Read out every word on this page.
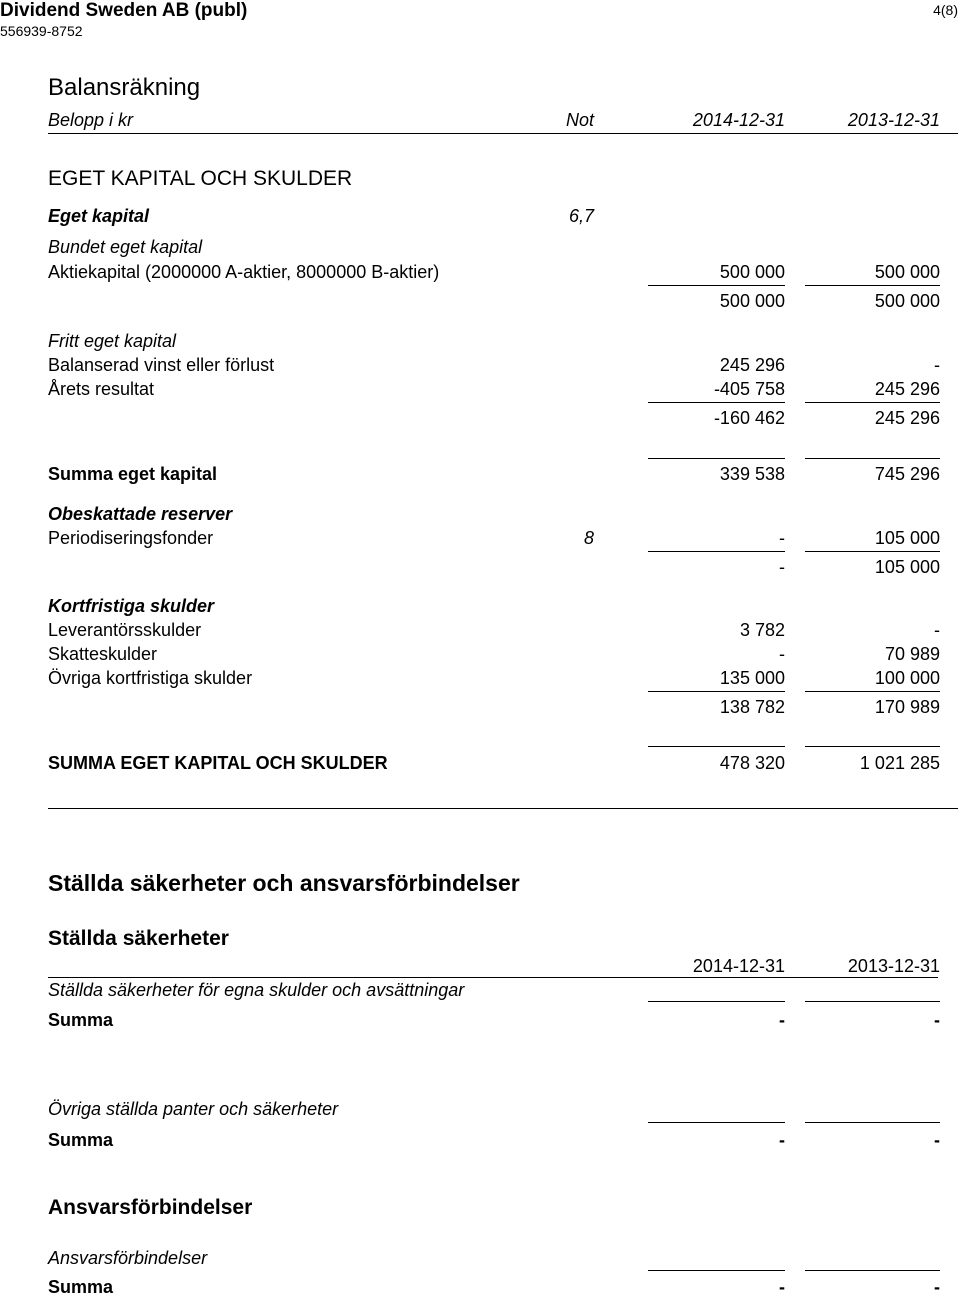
Dividend Sweden AB (publ)
556939-8752
4(8)
Balansräkning
Belopp i kr	Not	2014-12-31	2013-12-31
EGET KAPITAL OCH SKULDER
Eget kapital	6,7
Bundet eget kapital
Aktiekapital (2000000 A-aktier, 8000000 B-aktier)	500 000	500 000
500 000	500 000
Fritt eget kapital
Balanserad vinst eller förlust	245 296	-
Årets resultat	-405 758	245 296
-160 462	245 296
Summa eget kapital	339 538	745 296
Obeskattade reserver
Periodiseringsfonder	8	-	105 000
-	105 000
Kortfristiga skulder
Leverantörsskulder	3 782	-
Skatteskulder	-	70 989
Övriga kortfristiga skulder	135 000	100 000
138 782	170 989
SUMMA EGET KAPITAL OCH SKULDER	478 320	1 021 285
Ställda säkerheter och ansvarsförbindelser
Ställda säkerheter
2014-12-31	2013-12-31
Ställda säkerheter för egna skulder och avsättningar
Summa	-	-
Övriga ställda panter och säkerheter
Summa	-	-
Ansvarsförbindelser
Ansvarsförbindelser
Summa	-	-
